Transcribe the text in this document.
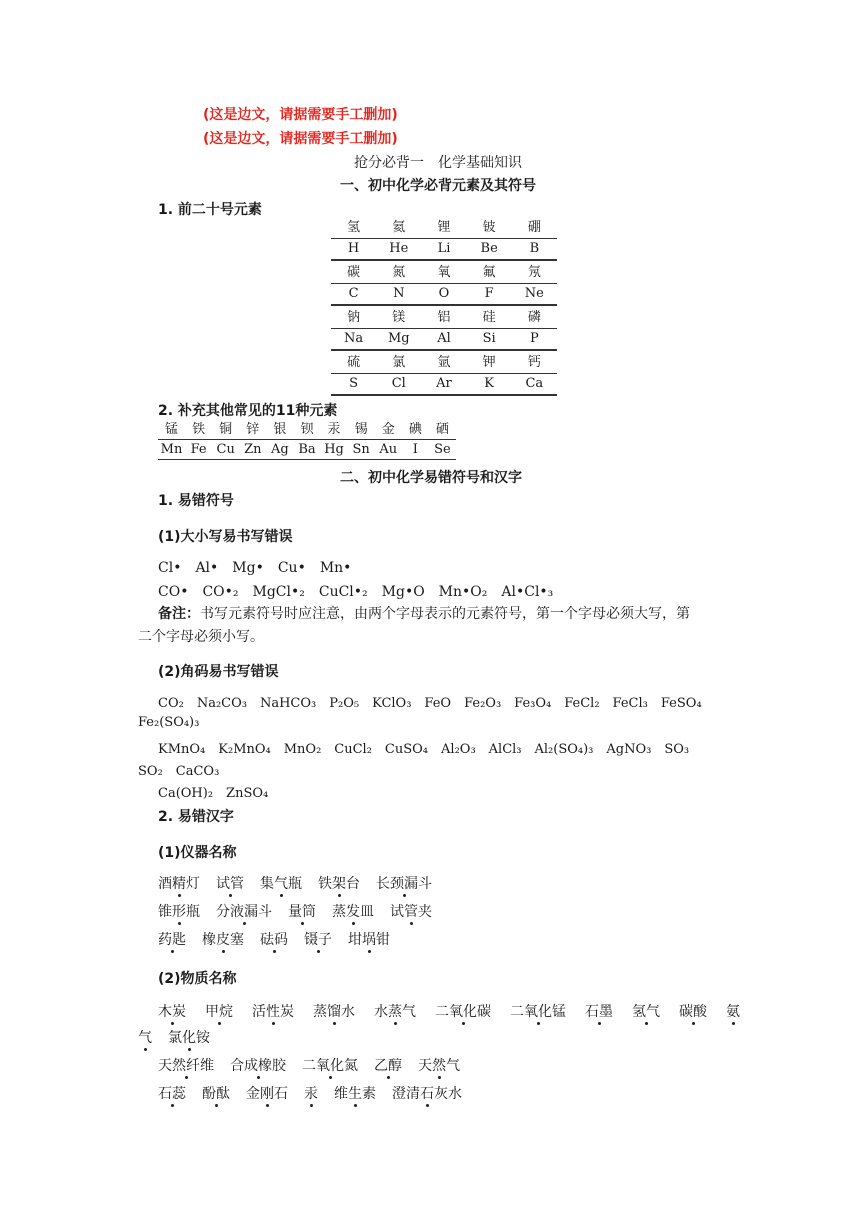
(这是边文，请据需要手工删加)
(这是边文，请据需要手工删加)
抢分必背一　化学基础知识
一、初中化学必背元素及其符号
1. 前二十号元素
氢	氦	锂	铍	硼
H	He	Li	Be	B
碳	氮	氧	氟	氖
C	N	O	F	Ne
钠	镁	铝	硅	磷
Na	Mg	Al	Si	P
硫	氯	氩	钾	钙
S	Cl	Ar	K	Ca
2. 补充其他常见的11种元素
锰	铁	铜	锌	银	钡	汞	锡	金	碘	硒
Mn Fe Cu Zn Ag Ba Hg Sn Au	I	Se
二、初中化学易错符号和汉字
1. 易错符号
(1)大小写易书写错误
Cl•　Al•　Mg•　Cu•　Mn•
CO•　CO•₂　MgCl•₂　CuCl•₂　Mg•O　Mn•O₂　Al•Cl•₃
备注：书写元素符号时应注意，由两个字母表示的元素符号，第一个字母必须大写，第
二个字母必须小写。
(2)角码易书写错误
CO₂　Na₂CO₃　NaHCO₃　P₂O₅　KClO₃　FeO　Fe₂O₃　Fe₃O₄　FeCl₂　FeCl₃　FeSO₄
Fe₂(SO₄)₃
KMnO₄　K₂MnO₄　MnO₂　CuCl₂　CuSO₄　Al₂O₃　AlCl₃　Al₂(SO₄)₃　AgNO₃　SO₃
SO₂　CaCO₃
Ca(OH)₂　ZnSO₄
2. 易错汉字
(1)仪器名称
酒精灯 试管 集气瓶 铁架台 长颈漏斗
锥形瓶 分液漏斗 量筒 蒸发皿 试管夹
药匙 橡皮塞 砝码 镊子 坩埚钳
(2)物质名称
木炭 甲烷 活性炭 蒸馏水 水蒸气 二氧化碳 二氧化锰 石墨 氢气 碳酸 氨
气 氯化铵
天然纤维 合成橡胶 二氧化氮 乙醇 天然气
石蕊 酚酞 金刚石 汞 维生素 澄清石灰水
